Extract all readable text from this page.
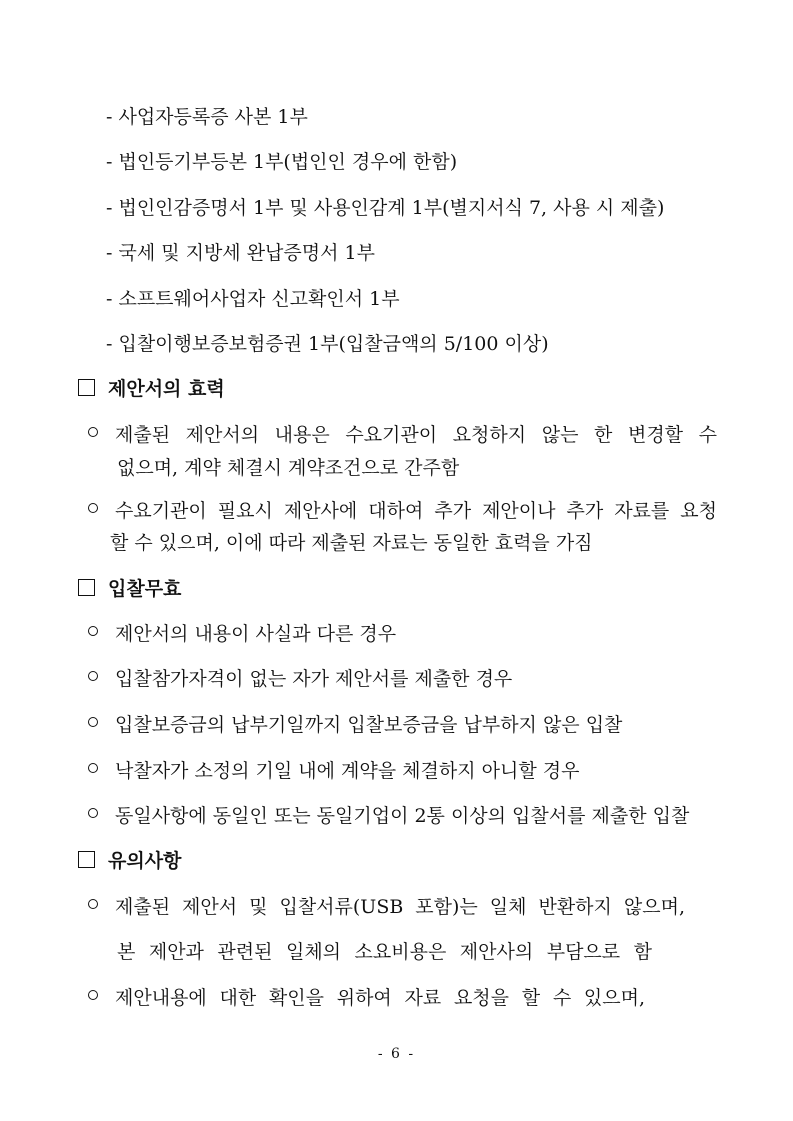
- 사업자등록증 사본 1부
- 법인등기부등본 1부(법인인 경우에 한함)
- 법인인감증명서 1부 및 사용인감계 1부(별지서식 7, 사용 시 제출)
- 국세 및 지방세 완납증명서 1부
- 소프트웨어사업자 신고확인서 1부
- 입찰이행보증보험증권 1부(입찰금액의 5/100 이상)
제안서의 효력
제출된 제안서의 내용은 수요기관이 요청하지 않는 한 변경할 수
없으며, 계약 체결시 계약조건으로 간주함
수요기관이 필요시 제안사에 대하여 추가 제안이나 추가 자료를 요청
할 수 있으며, 이에 따라 제출된 자료는 동일한 효력을 가짐
입찰무효
제안서의 내용이 사실과 다른 경우
입찰참가자격이 없는 자가 제안서를 제출한 경우
입찰보증금의 납부기일까지 입찰보증금을 납부하지 않은 입찰
낙찰자가 소정의 기일 내에 계약을 체결하지 아니할 경우
동일사항에 동일인 또는 동일기업이 2통 이상의 입찰서를 제출한 입찰
유의사항
제출된 제안서 및 입찰서류(USB 포함)는 일체 반환하지 않으며,
본 제안과 관련된 일체의 소요비용은 제안사의 부담으로 함
제안내용에 대한 확인을 위하여 자료 요청을 할 수 있으며,
- 6 -
